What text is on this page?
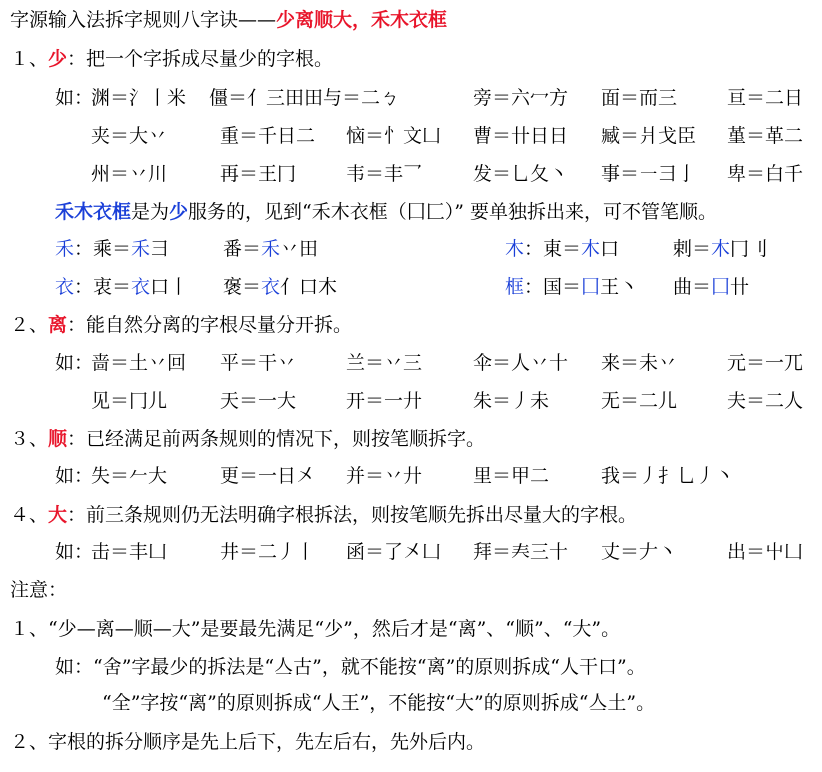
字源输入法拆字规则八字诀——少离顺大，禾木衣框
１、少：把一个字拆成尽量少的字根。
如：
渊＝氵丨米 僵＝亻三田田与＝二ㄅ	旁＝六冖方 面＝而三	亘＝二日
夹＝大丷	重＝千日二 恼＝忄文凵 曹＝卄日日 臧＝爿戈臣 堇＝革二
州＝丷川	再＝王冂	韦＝丰乛	发＝乚夂丶 事＝㇐彐亅 卑＝白千
禾木衣框是为少服务的，见到“禾木衣框（囗匚）” 要单独拆出来，可不管笔顺。
禾：乘＝禾彐	番＝禾丷田	木：東＝木口	剌＝木冂刂
衣：衷＝衣口丨 褒＝衣亻口木	框：国＝囗王丶 曲＝囗卄
２、离：能自然分离的字根尽量分开拆。
如：
啬＝土丷回 平＝干丷	兰＝丷三	伞＝人丷十 来＝未丷	元＝一兀
见＝冂儿	天＝一大	开＝一廾	朱＝丿未	无＝二儿	夫＝二人
３、顺：已经满足前两条规则的情况下，则按笔顺拆字。
如：
失＝𠂉大	更＝一日㐅 并＝丷廾	里＝甲二	我＝丿扌乚丿丶
４、大：前三条规则仍无法明确字根拆法，则按笔顺先拆出尽量大的字根。
如：
击＝丰凵	井＝二丿丨 函＝了㐅凵 拜＝𡗗三十 丈＝𠂇丶	出＝屮凵
注意：
１、“少—离—顺—大”是要最先满足“少”，然后才是“离”、“顺”、“大”。
如：“舍”字最少的拆法是“亼古”，就不能按“离”的原则拆成“人干口”。
“全”字按“离”的原则拆成“人王”，不能按“大”的原则拆成“亼土”。
２、字根的拆分顺序是先上后下，先左后右，先外后内。
